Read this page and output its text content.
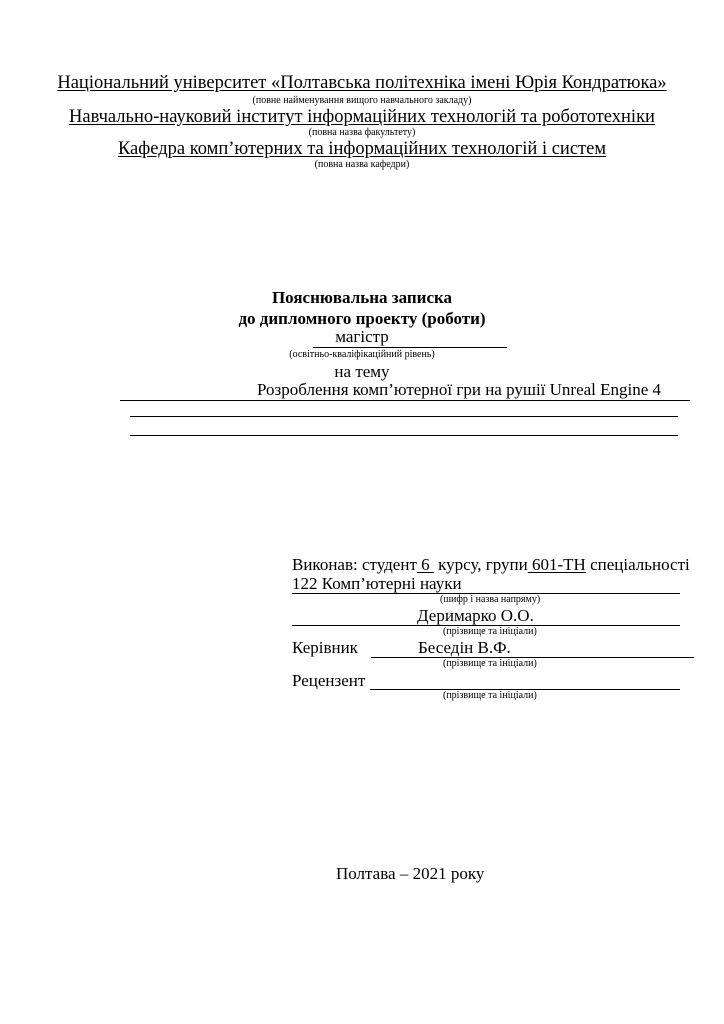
Національний університет «Полтавська політехніка імені Юрія Кондратюка»
(повне найменування вищого навчального закладу)
Навчально-науковий інститут інформаційних технологій та робототехніки
(повна назва факультету)
Кафедра комп’ютерних та інформаційних технологій і систем
(повна назва кафедри)
Пояснювальна записка
до дипломного проекту (роботи)
магістр
(освітньо-кваліфікаційний рівень)
на тему
Розроблення комп’ютерної гри на рушії Unreal Engine 4
Виконав: студент 6 курсу, групи 601-ТН спеціальності
122 Комп’ютерні науки
(шифр і назва напряму)
Деримарко О.О.
(прізвище та ініціали)
Керівник	Беседін В.Ф.
(прізвище та ініціали)
Рецензент
(прізвище та ініціали)
Полтава – 2021 року
